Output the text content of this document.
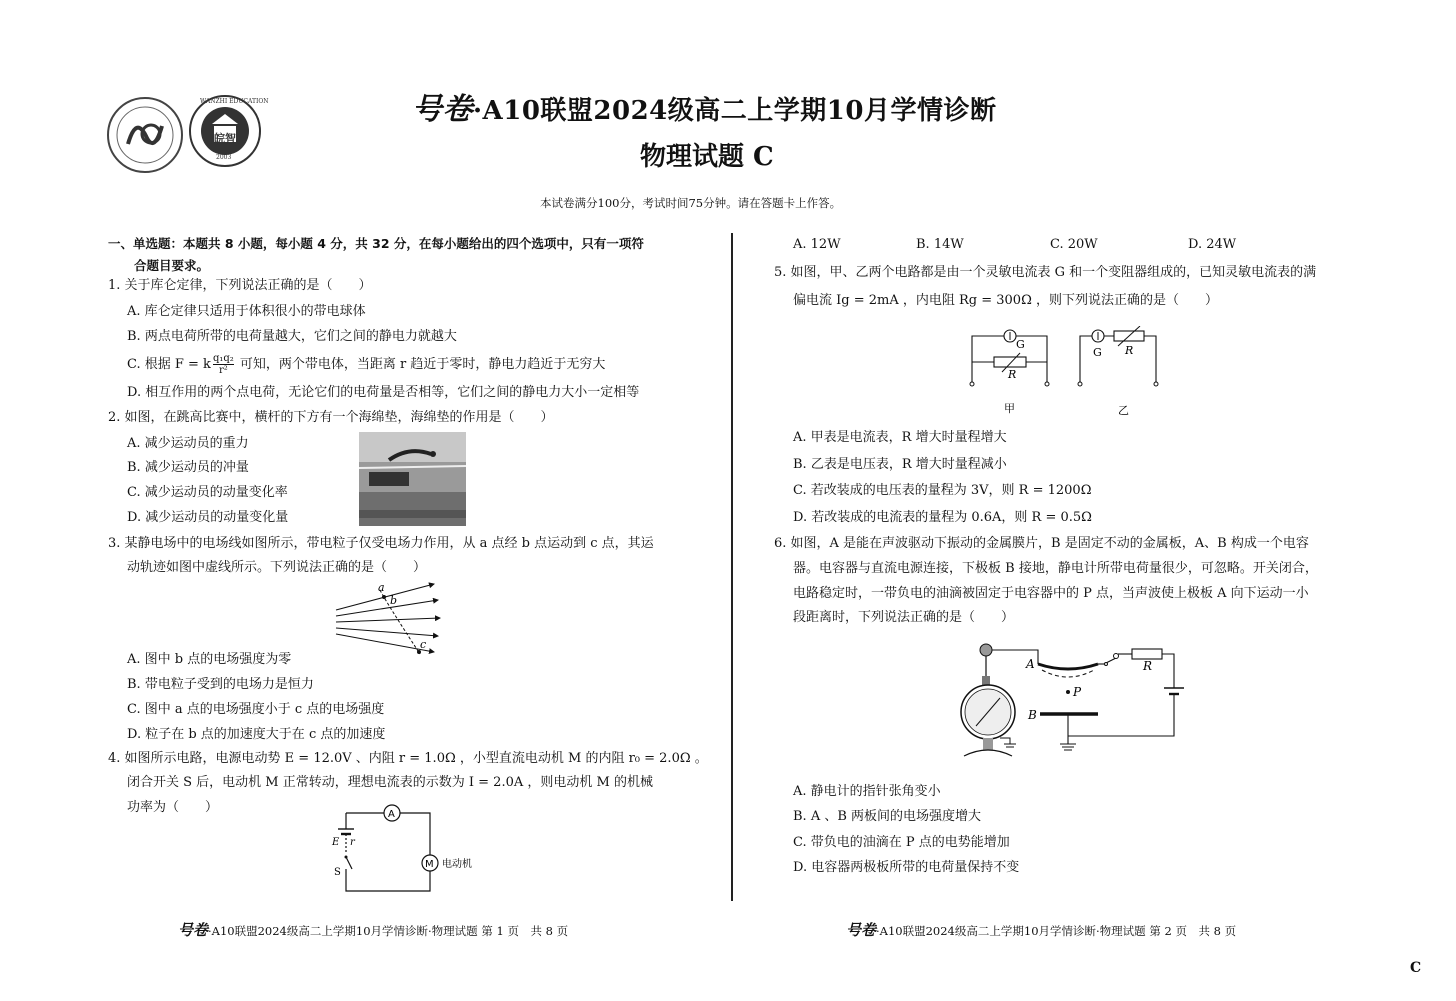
皖智
WANZHI EDUCATION
2003
号卷·A10联盟2024级高二上学期10月学情诊断
物理试题 C
本试卷满分100分，考试时间75分钟。请在答题卡上作答。
一、单选题：本题共 8 小题，每小题 4 分，共 32 分，在每小题给出的四个选项中，只有一项符
合题目要求。
1. 关于库仑定律，下列说法正确的是（　　）
A. 库仑定律只适用于体积很小的带电球体
B. 两点电荷所带的电荷量越大，它们之间的静电力就越大
C. 根据 F = k $\frac{\text{q₁q₂}}{\text{r²}}$ 可知，两个带电体，当距离 r 趋近于零时，静电力趋近于无穷大
D. 相互作用的两个点电荷，无论它们的电荷量是否相等，它们之间的静电力大小一定相等
2. 如图，在跳高比赛中，横杆的下方有一个海绵垫，海绵垫的作用是（　　）
A. 减少运动员的重力
B. 减少运动员的冲量
C. 减少运动员的动量变化率
D. 减少运动员的动量变化量
3. 某静电场中的电场线如图所示，带电粒子仅受电场力作用，从 a 点经 b 点运动到 c 点，其运
动轨迹如图中虚线所示。下列说法正确的是（　　）
a
b
c
A. 图中 b 点的电场强度为零
B. 带电粒子受到的电场力是恒力
C. 图中 a 点的电场强度小于 c 点的电场强度
D. 粒子在 b 点的加速度大于在 c 点的加速度
4. 如图所示电路，电源电动势 E = 12.0V 、内阻 r = 1.0Ω ，小型直流电动机 M 的内阻 r₀ = 2.0Ω 。
闭合开关 S 后，电动机 M 正常转动，理想电流表的示数为 I = 2.0A ，则电动机 M 的机械
功率为（　　）	A
M
E r
S
电动机
A. 12W	B. 14W	C. 20W	D. 24W
5. 如图，甲、乙两个电路都是由一个灵敏电流表 G 和一个变阻器组成的，已知灵敏电流表的满
偏电流 Ig = 2mA ，内电阻 Rg = 300Ω ，则下列说法正确的是（　　）
G
R
G R
甲	乙
A. 甲表是电流表，R 增大时量程增大
B. 乙表是电压表，R 增大时量程减小
C. 若改装成的电压表的量程为 3V，则 R = 1200Ω
D. 若改装成的电流表的量程为 0.6A，则 R = 0.5Ω
6. 如图，A 是能在声波驱动下振动的金属膜片，B 是固定不动的金属板，A、B 构成一个电容
器。电容器与直流电源连接，下极板 B 接地，静电计所带电荷量很少，可忽略。开关闭合，
电路稳定时，一带负电的油滴被固定于电容器中的 P 点，当声波使上极板 A 向下运动一小
段距离时，下列说法正确的是（　　）
A
B
P
R
A. 静电计的指针张角变小
B. A 、B 两板间的电场强度增大
C. 带负电的油滴在 P 点的电势能增加
D. 电容器两极板所带的电荷量保持不变
号卷·A10联盟2024级高二上学期10月学情诊断·物理试题 第 1 页　共 8 页	号卷·A10联盟2024级高二上学期10月学情诊断·物理试题 第 2 页　共 8 页
C
